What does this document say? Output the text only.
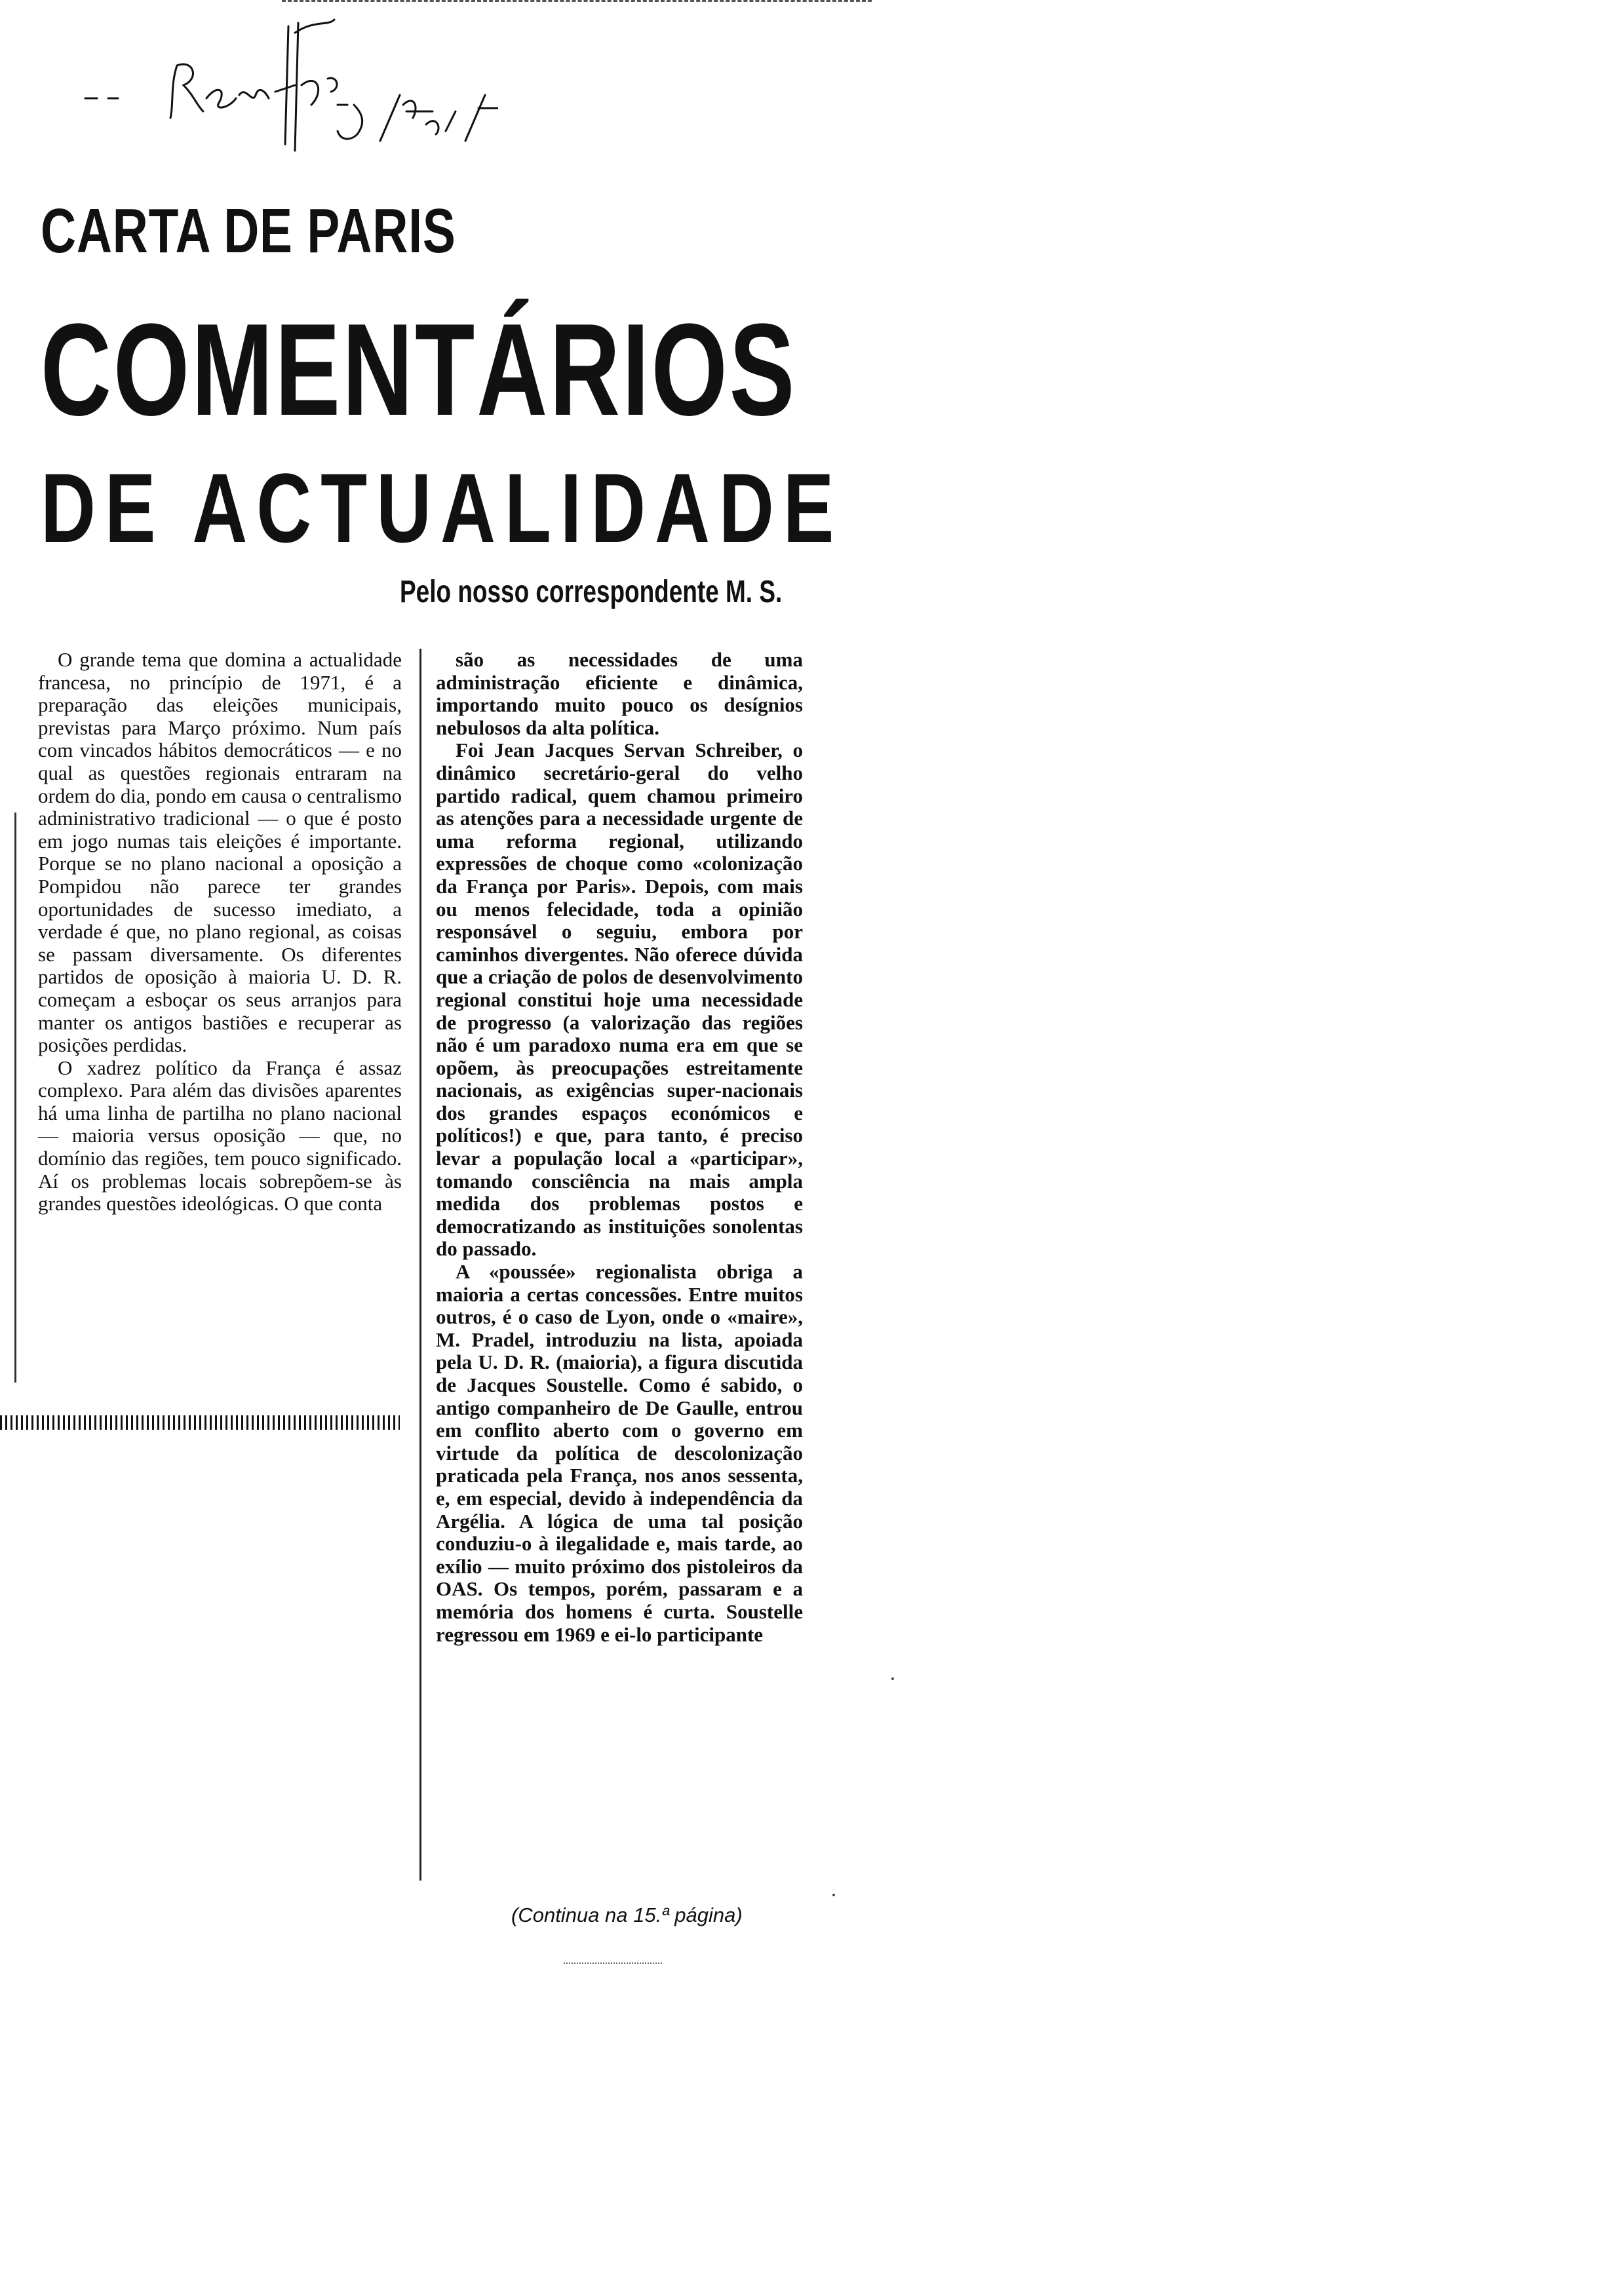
CARTA DE PARIS
COMENTÁRIOS
DE ACTUALIDADE
Pelo nosso correspondente M. S.

O grande tema que domina a actualidade francesa, no princípio de 1971, é a preparação das eleições municipais, previstas para Março próximo. Num país com vincados hábitos democráticos — e no qual as questões regionais entraram na ordem do dia, pondo em causa o centralismo administrativo tradicional — o que é posto em jogo numas tais eleições é importante. Porque se no plano nacional a oposição a Pompidou não parece ter grandes oportunidades de sucesso imediato, a verdade é que, no plano regional, as coisas se passam diversamente. Os diferentes partidos de oposição à maioria U. D. R. começam a esboçar os seus arranjos para manter os antigos bastiões e recuperar as posições perdidas.

O xadrez político da França é assaz complexo. Para além das divisões aparentes há uma linha de partilha no plano nacional — maioria versus oposição — que, no domínio das regiões, tem pouco significado. Aí os problemas locais sobrepõem-se às grandes questões ideológicas. O que conta

são as necessidades de uma administração eficiente e dinâmica, importando muito pouco os desígnios nebulosos da alta política.

Foi Jean Jacques Servan Schreiber, o dinâmico secretário-geral do velho partido radical, quem chamou primeiro as atenções para a necessidade urgente de uma reforma regional, utilizando expressões de choque como «colonização da França por Paris». Depois, com mais ou menos felecidade, toda a opinião responsável o seguiu, embora por caminhos divergentes. Não oferece dúvida que a criação de polos de desenvolvimento regional constitui hoje uma necessidade de progresso (a valorização das regiões não é um paradoxo numa era em que se opõem, às preocupações estreitamente nacionais, as exigências super-nacionais dos grandes espaços económicos e políticos!) e que, para tanto, é preciso levar a população local a «participar», tomando consciência na mais ampla medida dos problemas postos e democratizando as instituições sonolentas do passado.

A «poussée» regionalista obriga a maioria a certas concessões. Entre muitos outros, é o caso de Lyon, onde o «maire», M. Pradel, introduziu na lista, apoiada pela U. D. R. (maioria), a figura discutida de Jacques Soustelle. Como é sabido, o antigo companheiro de De Gaulle, entrou em conflito aberto com o governo em virtude da política de descolonização praticada pela França, nos anos sessenta, e, em especial, devido à independência da Argélia. A lógica de uma tal posição conduziu-o à ilegalidade e, mais tarde, ao exílio — muito próximo dos pistoleiros da OAS. Os tempos, porém, passaram e a memória dos homens é curta. Soustelle regressou em 1969 e ei-lo participante

(Continua na 15.ª página)
